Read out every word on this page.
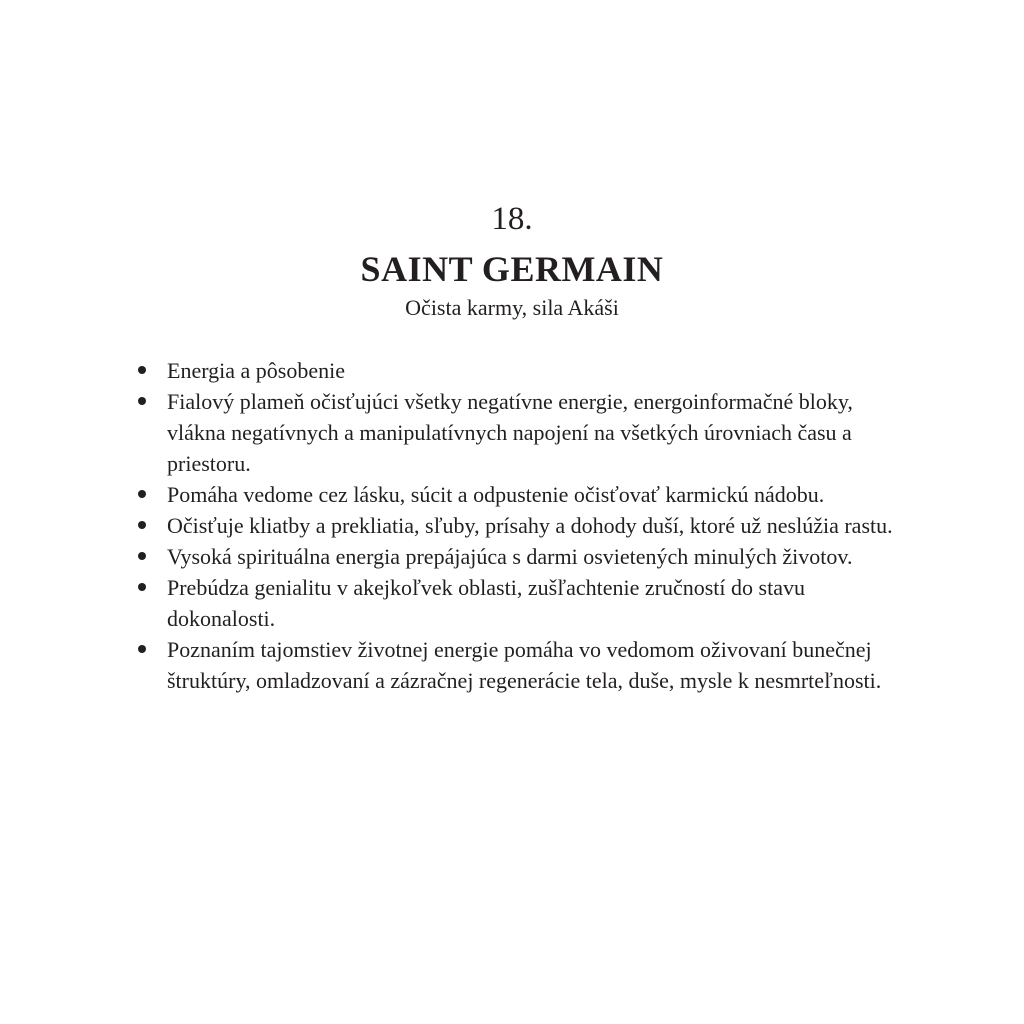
18.
SAINT GERMAIN
Očista karmy, sila Akáši
Energia a pôsobenie
Fialový plameň očisťujúci všetky negatívne energie, energoinformačné bloky, vlákna negatívnych a manipulatívnych napojení na všetkých úrovniach času a priestoru.
Pomáha vedome cez lásku, súcit a odpustenie očisťovať karmickú nádobu.
Očisťuje kliatby a prekliatia, sľuby, prísahy a dohody duší, ktoré už neslúžia rastu.
Vysoká spirituálna energia prepájajúca s darmi osvietených minulých životov.
Prebúdza genialitu v akejkoľvek oblasti, zušľachtenie zručností do stavu dokonalosti.
Poznaním tajomstiev životnej energie pomáha vo vedomom oživovaní bunečnej štruktúry, omladzovaní a zázračnej regenerácie tela, duše, mysle k nesmrteľnosti.
